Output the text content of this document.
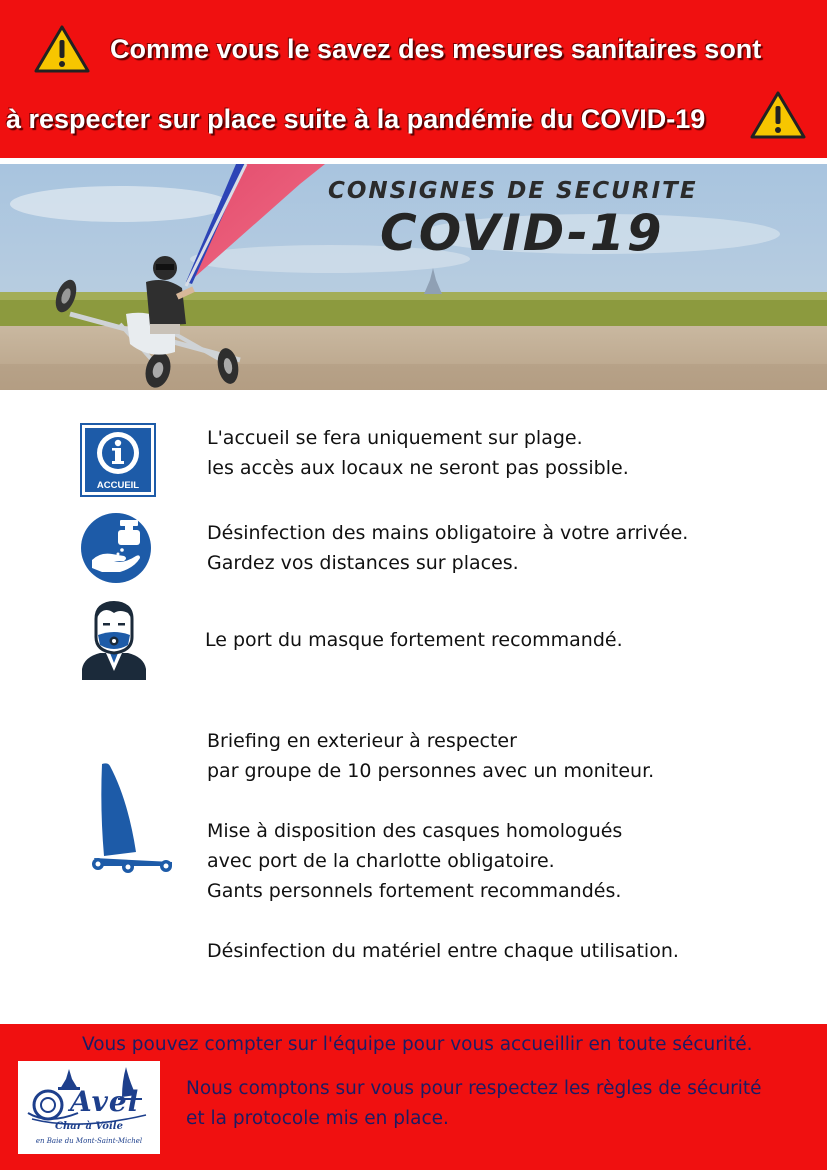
Comme vous le savez des mesures sanitaires sont
à respecter sur place suite à la pandémie du COVID-19
CONSIGNES DE SECURITE
COVID-19
ACCUEIL
L'accueil se fera uniquement sur plage.
les accès aux locaux ne seront pas possible.
Désinfection des mains obligatoire à votre arrivée.
Gardez vos distances sur places.
Le port du masque fortement recommandé.
Briefing en exterieur à respecter
par groupe de 10 personnes avec un moniteur.
Mise à disposition des casques homologués
avec port de la charlotte obligatoire.
Gants personnels fortement recommandés.
Désinfection du matériel entre chaque utilisation.
Vous pouvez compter sur l'équipe pour vous accueillir en toute sécurité.
Nous comptons sur vous pour respectez les règles de sécurité
et la protocole mis en place.
Avel
Char à Voile
en Baie du Mont-Saint-Michel
